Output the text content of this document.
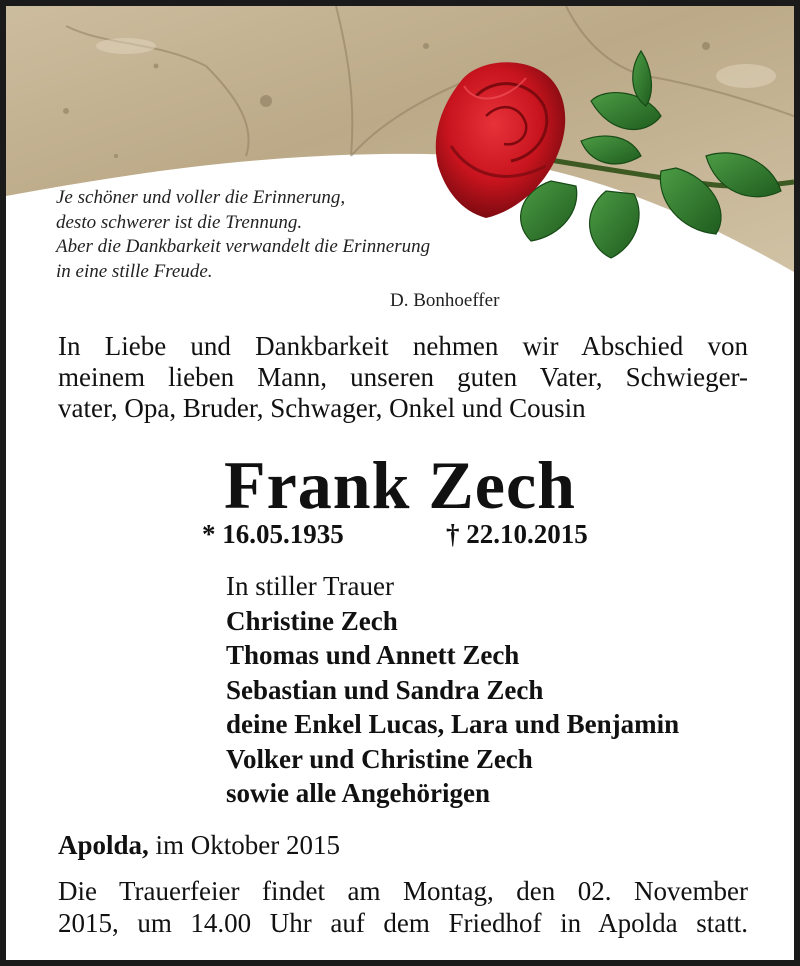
Je schöner und voller die Erinnerung,
desto schwerer ist die Trennung.
Aber die Dankbarkeit verwandelt die Erinnerung
in eine stille Freude.
D. Bonhoeffer
In Liebe und Dankbarkeit nehmen wir Abschied von
meinem lieben Mann, unseren guten Vater, Schwieger-
vater, Opa, Bruder, Schwager, Onkel und Cousin
Frank Zech
* 16.05.1935	† 22.10.2015
In stiller Trauer
Christine Zech
Thomas und Annett Zech
Sebastian und Sandra Zech
deine Enkel Lucas, Lara und Benjamin
Volker und Christine Zech
sowie alle Angehörigen
Apolda, im Oktober 2015
Die Trauerfeier findet am Montag, den 02. November
2015, um 14.00 Uhr auf dem Friedhof in Apolda statt.
